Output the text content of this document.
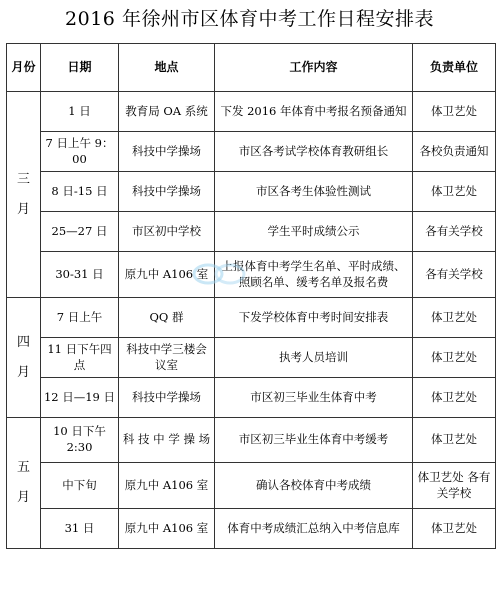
2016 年徐州市区体育中考工作日程安排表
月份	日期	地点	工作内容	负责单位
三
月	1 日	教育局 OA 系统	下发 2016 年体育中考报名预备通知	体卫艺处
	7 日上午 9：00	科技中学操场	市区各考试学校体育教研组长	各校负责通知
	8 日-15 日	科技中学操场	市区各考生体验性测试	体卫艺处
	25—27 日	市区初中学校	学生平时成绩公示	各有关学校
	30-31 日	原九中 A106 室	上报体育中考学生名单、平时成绩、照顾名单、缓考名单及报名费	各有关学校
四
月	7 日上午	QQ 群	下发学校体育中考时间安排表	体卫艺处
	11 日下午四点	科技中学三楼会议室	执考人员培训	体卫艺处
	12 日—19 日	科技中学操场	市区初三毕业生体育中考	体卫艺处
五
月	10 日下午 2:30	科 技 中 学 操 场	市区初三毕业生体育中考缓考	体卫艺处
	中下旬	原九中 A106 室	确认各校体育中考成绩	体卫艺处 各有关学校
	31 日	原九中 A106 室	体育中考成绩汇总纳入中考信息库	体卫艺处
